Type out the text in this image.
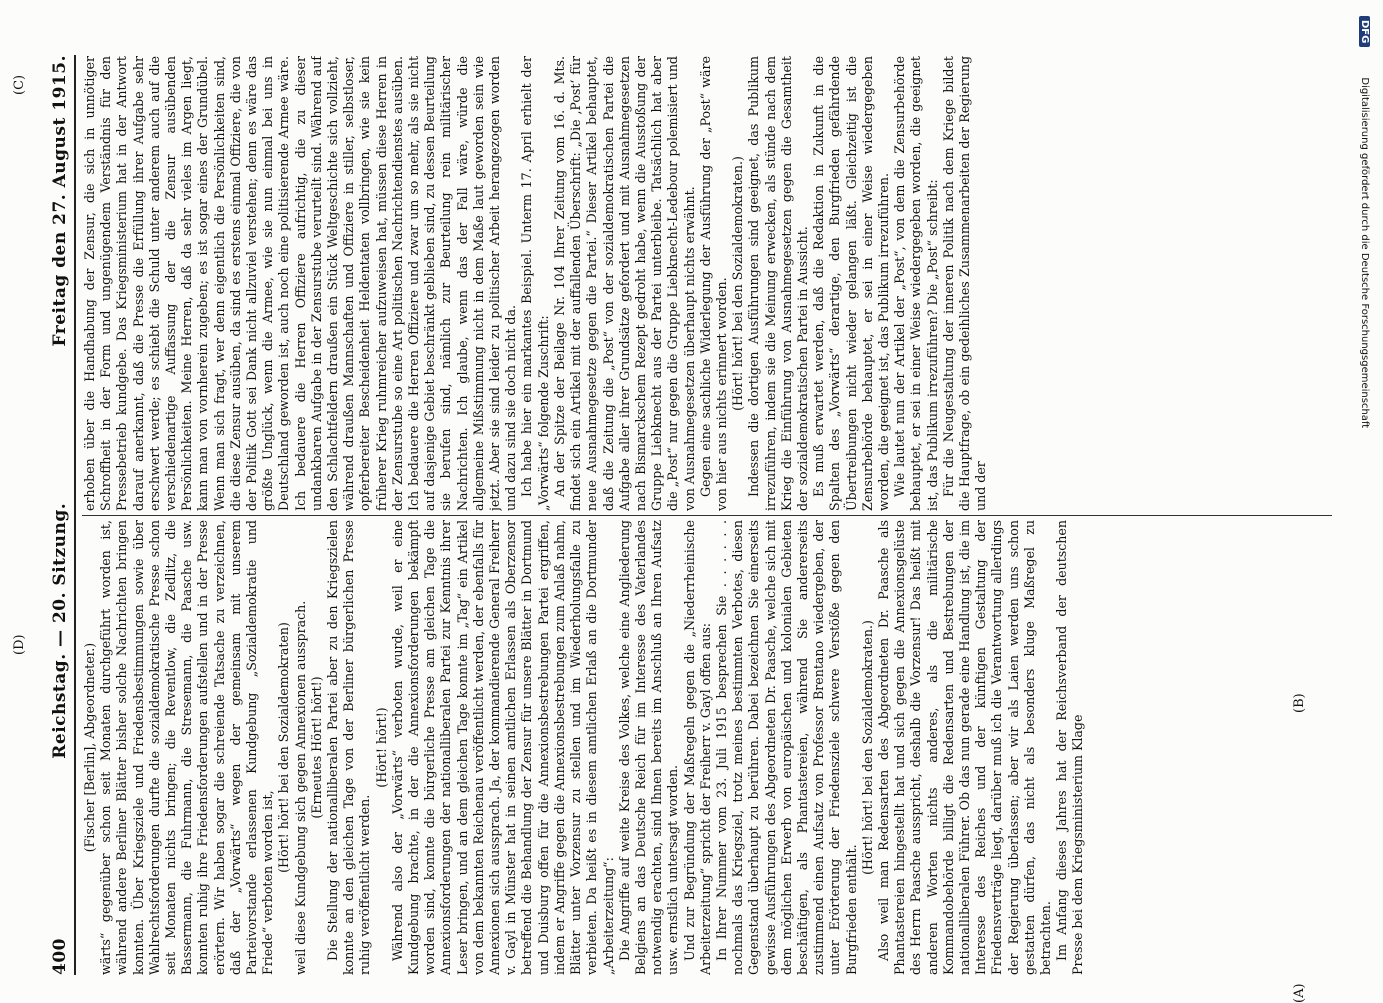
400
Reichstag. — 20. Sitzung.
Freitag den 27. August 1915.

(Fischer [Berlin], Abgeordneter.) wärts“ gegenüber schon seit Monaten durchgeführt worden ist, während andere Berliner Blätter bisher solche Nachrichten bringen konnten. Über Kriegsziele und Friedensbestimmungen sowie über Wahlrechtsforderungen durfte die sozialdemokratische Presse schon seit Monaten nichts bringen; die Reventlow, die Zedlitz, die Bassermann, die Fuhrmann, die Stresemann, die Paasche usw. konnten ruhig ihre Friedensforderungen aufstellen und in der Presse erörtern. Wir haben sogar die schreiende Tatsache zu verzeichnen, daß der „Vorwärts“ wegen der gemeinsam mit unserem Parteivorstande erlassenen Kundgebung „Sozialdemokratie und Friede“ verboten worden ist,

(Hört! hört! bei den Sozialdemokraten) weil diese Kundgebung sich gegen Annexionen aussprach. (Erneutes Hört! hört!) Die Stellung der nationalliberalen Partei aber zu den Kriegszielen konnte an den gleichen Tage von der Berliner bürgerlichen Presse ruhig veröffentlicht werden.

(Hört! hört!) Während also der „Vorwärts“ verboten wurde, weil er eine Kundgebung brachte, in der die Annexionsforderungen bekämpft worden sind, konnte die bürgerliche Presse am gleichen Tage die Annexionsforderungen der nationalliberalen Partei zur Kenntnis ihrer Leser bringen, und an dem gleichen Tage konnte im „Tag“ ein Artikel von dem bekannten Reichenau veröffentlicht werden, der ebenfalls für Annexionen sich aussprach. Ja, der kommandierende General Freiherr v. Gayl in Münster hat in seinen amtlichen Erlassen als Oberzensor betreffend die Behandlung der Zensur für unsere Blätter in Dortmund und Duisburg offen für die Annexionsbestrebungen Partei ergriffen, indem er Angriffe gegen die Annexionsbestrebungen zum Anlaß nahm, Blätter unter Vorzensur zu stellen und im Wiederholungsfalle zu verbieten. Da heißt es in diesem amtlichen Erlaß an die Dortmunder „Arbeiterzeitung“: Die Angriffe auf weite Kreise des Volkes, welche eine Angliederung Belgiens an das Deutsche Reich für im Interesse des Vaterlandes notwendig erachten, sind Ihnen bereits im Anschluß an Ihren Aufsatz usw. ernstlich untersagt worden. Und zur Begründung der Maßregeln gegen die „Niederrheinische Arbeiterzeitung“ spricht der Freiherr v. Gayl offen aus: In Ihrer Nummer vom 23. Juli 1915 besprechen Sie . . . . . . nochmals das Kriegsziel, trotz meines bestimmten Verbotes, diesen Gegenstand überhaupt zu berühren. Dabei bezeichnen Sie einerseits gewisse Ausführungen des Abgeordneten Dr. Paasche, welche sich mit dem möglichen Erwerb von europäischen und kolonialen Gebieten beschäftigen, als Phantastereien, während Sie andererseits zustimmend einen Aufsatz von Professor Brentano wiedergeben, der unter Erörterung der Friedensziele schwere Verstöße gegen den Burgfrieden enthält.

(Hört! hört! bei den Sozialdemokraten.) Also weil man Redensarten des Abgeordneten Dr. Paasche als Phantastereien hingestellt hat und sich gegen die Annexionsgelüste des Herrn Paasche ausspricht, deshalb die Vorzensur! Das heißt mit anderen Worten nichts anderes, als die militärische Kommandobehörde billigt die Redensarten und Bestrebungen der nationalliberalen Führer. Ob das nun gerade eine Handlung ist, die im Interesse des Reiches und der künftigen Gestaltung der Friedensverträge liegt, darüber muß ich die Verantwortung allerdings der Regierung überlassen; aber wir als Laien werden uns schon gestatten dürfen, das nicht als besonders kluge Maßregel zu betrachten. Im Anfang dieses Jahres hat der Reichsverband der deutschen Presse bei dem Kriegsministerium Klage

erhoben über die Handhabung der Zensur, die sich in unnötiger Schroffheit in der Form und ungenügendem Verständnis für den Pressebetrieb kundgebe. Das Kriegsministerium hat in der Antwort darauf anerkannt, daß die Presse die Erfüllung ihrer Aufgabe sehr erschwert werde; es schiebt die Schuld unter anderem auch auf die verschiedenartige Auffassung der die Zensur ausübenden Persönlichkeiten. Meine Herren, daß da sehr vieles im Argen liegt, kann man von vornherein zugeben; es ist sogar eines der Grundübel. Wenn man sich fragt, wer denn eigentlich die Persönlichkeiten sind, die diese Zensur ausüben, da sind es erstens einmal Offiziere, die von der Politik Gott sei Dank nicht allzuviel verstehen; denn es wäre das größte Unglück, wenn die Armee, wie sie nun einmal bei uns in Deutschland geworden ist, auch noch eine politisierende Armee wäre. Ich bedauere die Herren Offiziere aufrichtig, die zu dieser undankbaren Aufgabe in der Zensurstube verurteilt sind. Während auf den Schlachtfeldern draußen ein Stück Weltgeschichte sich vollzieht, während draußen Mannschaften und Offiziere in stiller, selbstloser, opferbereiter Bescheidenheit Heldentaten vollbringen, wie sie kein früherer Krieg ruhmreicher aufzuweisen hat, müssen diese Herren in der Zensurstube so eine Art politischen Nachrichtendienstes ausüben. Ich bedauere die Herren Offiziere und zwar um so mehr, als sie nicht auf dasjenige Gebiet beschränkt geblieben sind, zu dessen Beurteilung sie berufen sind, nämlich zur Beurteilung rein militärischer Nachrichten. Ich glaube, wenn das der Fall wäre, würde die allgemeine Mißstimmung nicht in dem Maße laut geworden sein wie jetzt. Aber sie sind leider zu politischer Arbeit herangezogen worden und dazu sind sie doch nicht da. Ich habe hier ein markantes Beispiel. Unterm 17. April erhielt der „Vorwärts“ folgende Zuschrift: An der Spitze der Beilage Nr. 104 Ihrer Zeitung vom 16. d. Mts. findet sich ein Artikel mit der auffallenden Überschrift: „Die ‚Post‘ für neue Ausnahmegesetze gegen die Partei.“ Dieser Artikel behauptet, daß die Zeitung die „Post“ von der sozialdemokratischen Partei die Aufgabe aller ihrer Grundsätze gefordert und mit Ausnahmegesetzen nach Bismarckschem Rezept gedroht habe, wenn die Ausstoßung der Gruppe Liebknecht aus der Partei unterbleibe. Tatsächlich hat aber die „Post“ nur gegen die Gruppe Liebknecht-Ledebour polemisiert und von Ausnahmegesetzen überhaupt nichts erwähnt. Gegen eine sachliche Widerlegung der Ausführung der „Post“ wäre von hier aus nichts erinnert worden. (Hört! hört! bei den Sozialdemokraten.) Indessen die dortigen Ausführungen sind geeignet, das Publikum irrezuführen, indem sie die Meinung erwecken, als stünde nach dem Krieg die Einführung von Ausnahmegesetzen gegen die Gesamtheit der sozialdemokratischen Partei in Aussicht. Es muß erwartet werden, daß die Redaktion in Zukunft in die Spalten des „Vorwärts“ derartige, den Burgfrieden gefährdende Übertreibungen nicht wieder gelangen läßt. Gleichzeitig ist die Zensurbehörde behauptet, er sei in einer Weise wiedergegeben worden, die geeignet ist, das Publikum irrezuführen. Wie lautet nun der Artikel der „Post“, von dem die Zensurbehörde behauptet, er sei in einer Weise wiedergegeben worden, die geeignet ist, das Publikum irrezuführen? Die „Post“ schreibt: Für die Neugestaltung der inneren Politik nach dem Kriege bildet die Hauptfrage, ob ein gedeihliches Zusammenarbeiten der Regierung und der

(A)
(B)
(C)
(D)
DFG
Digitalisierung gefördert durch die Deutsche Forschungsgemeinschaft
